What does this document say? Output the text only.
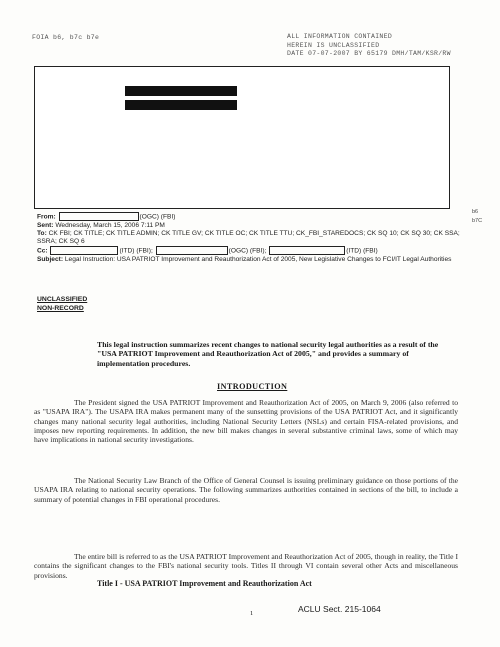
FOIA b6, b7c b7e	ALL INFORMATION CONTAINED
HEREIN IS UNCLASSIFIED
DATE 07-07-2007 BY 65179 DMH/TAM/KSR/RW
From:	(OGC) (FBI)
Sent: Wednesday, March 15, 2006 7:11 PM
To: CK FBI; CK TITLE; CK TITLE ADMIN; CK TITLE GV; CK TITLE OC; CK TITLE TTU; CK_FBI_STAREDOCS; CK SQ 10; CK SQ 30; CK SSA; SSRA; CK SQ 6
Cc:	(ITD) (FBI);	(OGC) (FBI);	(ITD) (FBI)
Subject: Legal Instruction: USA PATRIOT Improvement and Reauthorization Act of 2005, New Legislative Changes to FCI/IT Legal Authorities
b6
b7C
UNCLASSIFIED
NON-RECORD
This legal instruction summarizes recent changes to national security legal authorities as a result of the "USA PATRIOT Improvement and Reauthorization Act of 2005," and provides a summary of implementation procedures.
INTRODUCTION
The President signed the USA PATRIOT Improvement and Reauthorization Act of 2005, on March 9, 2006 (also referred to as "USAPA IRA"). The USAPA IRA makes permanent many of the sunsetting provisions of the USA PATRIOT Act, and it significantly changes many national security legal authorities, including National Security Letters (NSLs) and certain FISA-related provisions, and imposes new reporting requirements. In addition, the new bill makes changes in several substantive criminal laws, some of which may have implications in national security investigations.
The National Security Law Branch of the Office of General Counsel is issuing preliminary guidance on those portions of the USAPA IRA relating to national security operations. The following summarizes authorities contained in sections of the bill, to include a summary of potential changes in FBI operational procedures.
The entire bill is referred to as the USA PATRIOT Improvement and Reauthorization Act of 2005, though in reality, the Title I contains the significant changes to the FBI's national security tools. Titles II through VI contain several other Acts and miscellaneous provisions.
Title I - USA PATRIOT Improvement and Reauthorization Act
1	ACLU Sect. 215-1064
